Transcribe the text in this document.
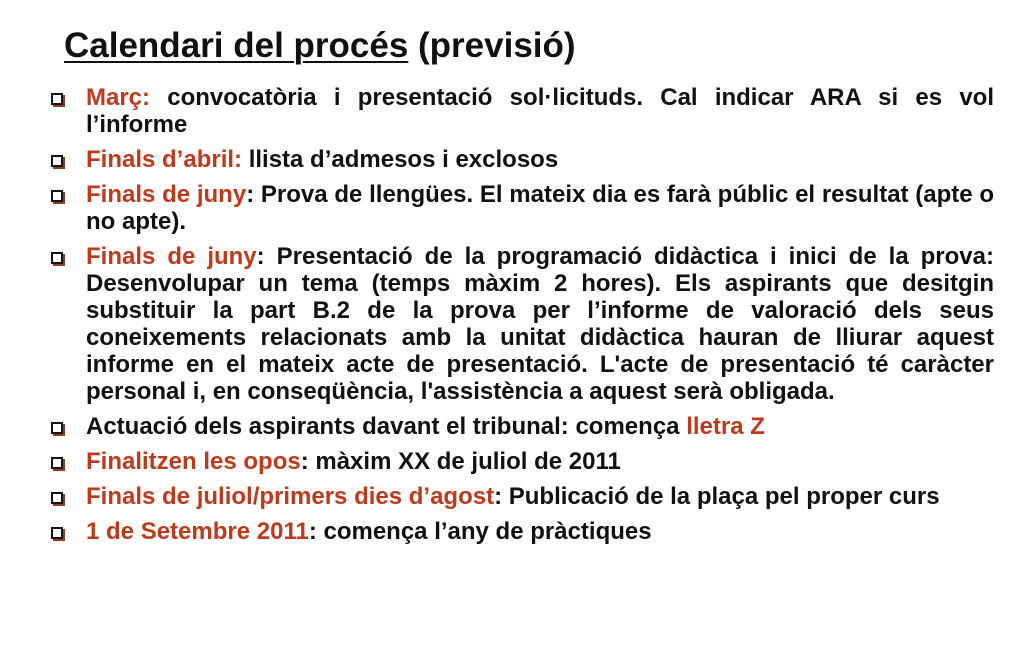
Calendari del procés (previsió)
Març: convocatòria i presentació sol·licituds. Cal indicar ARA si es vol l’informe
Finals d’abril: llista d’admesos i exclosos
Finals de juny: Prova de llengües. El mateix dia es farà públic el resultat (apte o no apte).
Finals de juny: Presentació de la programació didàctica i inici de la prova: Desenvolupar un tema (temps màxim 2 hores). Els aspirants que desitgin substituir la part B.2 de la prova per l’informe de valoració dels seus coneixements relacionats amb la unitat didàctica hauran de lliurar aquest informe en el mateix acte de presentació. L'acte de presentació té caràcter personal i, en conseqüència, l'assistència a aquest serà obligada.
Actuació dels aspirants davant el tribunal: comença lletra Z
Finalitzen les opos: màxim XX de juliol de 2011
Finals de juliol/primers dies d’agost: Publicació de la plaça pel proper curs
1 de Setembre 2011: comença l’any de pràctiques
